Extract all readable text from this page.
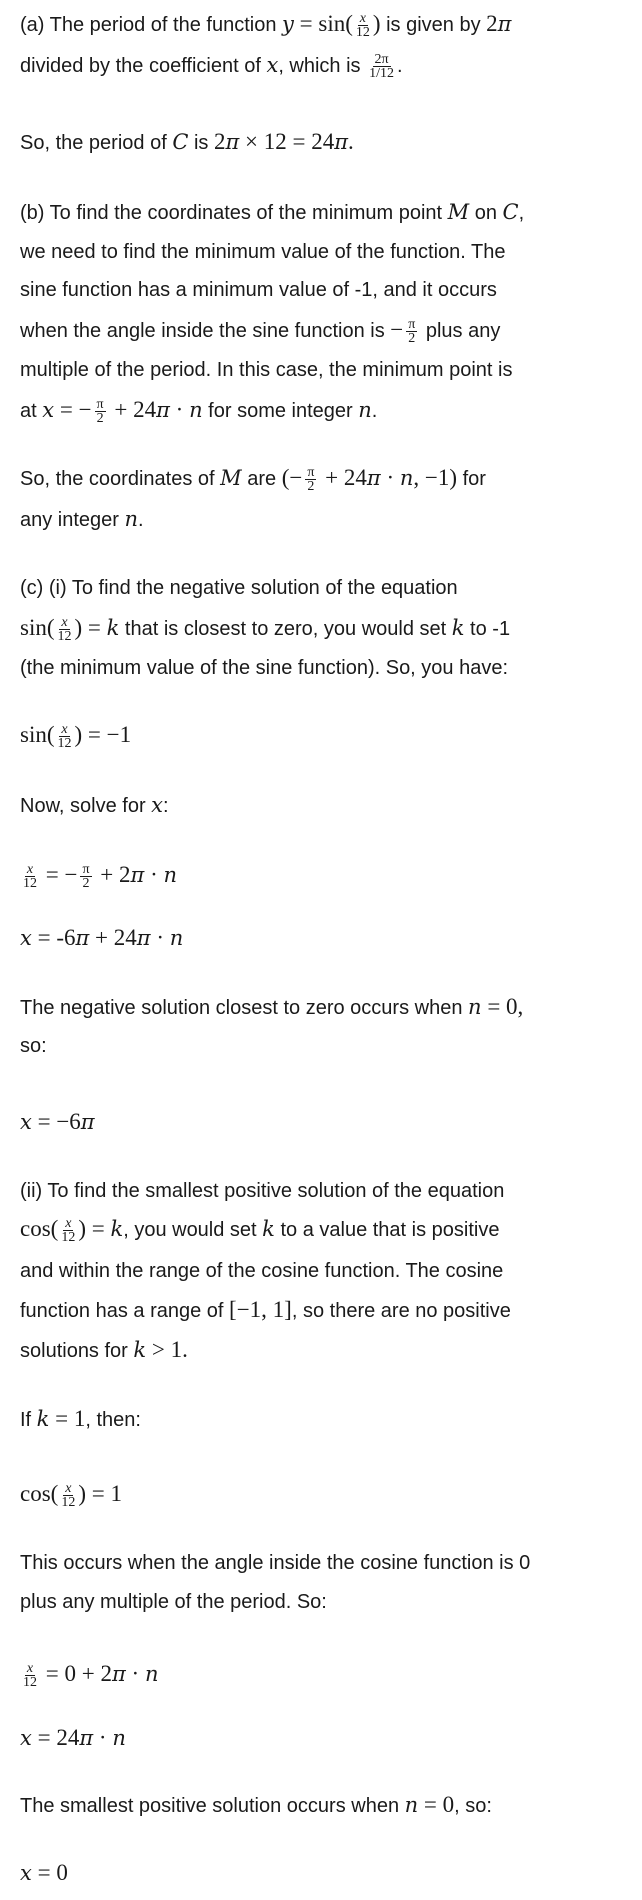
(a) The period of the function $y = \sin( \frac{x}{12}$ ) is given by 2π
divided by the coefficient of x, which is $\frac{2\pi}{1/12}$ .
So, the period of C is 2π × 12 = 24π.
(b) To find the coordinates of the minimum point M on C,
we need to find the minimum value of the function. The
sine function has a minimum value of -1, and it occurs
when the angle inside the sine function is − $\frac{\pi}{2}$ plus any
multiple of the period. In this case, the minimum point is
at x = − $\frac{\pi}{2} + 24\pi \cdot n$ for some integer n.
So, the coordinates of M are (− $\frac{\pi}{2} + 24\pi \cdot n$, −1) for
any integer n.
(c) (i) To find the negative solution of the equation
$\sin( \frac{x}{12}$ ) = k that is closest to zero, you would set k to -1
(the minimum value of the sine function). So, you have:
$\sin( \frac{x}{12}$ ) = −1
Now, solve for x:
$\frac{x}{12}$ = − $\frac{\pi}{2} + 2\pi \cdot n$
x = -6π + 24π · n
The negative solution closest to zero occurs when n = 0,
so:
x = −6π
(ii) To find the smallest positive solution of the equation
$\cos( \frac{x}{12}$ ) = k, you would set k to a value that is positive
and within the range of the cosine function. The cosine
function has a range of [−1, 1], so there are no positive
solutions for k > 1.
If k = 1, then:
$\cos( \frac{x}{12}$ ) = 1
This occurs when the angle inside the cosine function is 0
plus any multiple of the period. So:
$\frac{x}{12} = 0 + 2\pi \cdot n$
x = 24π · n
The smallest positive solution occurs when n = 0, so:
x = 0
